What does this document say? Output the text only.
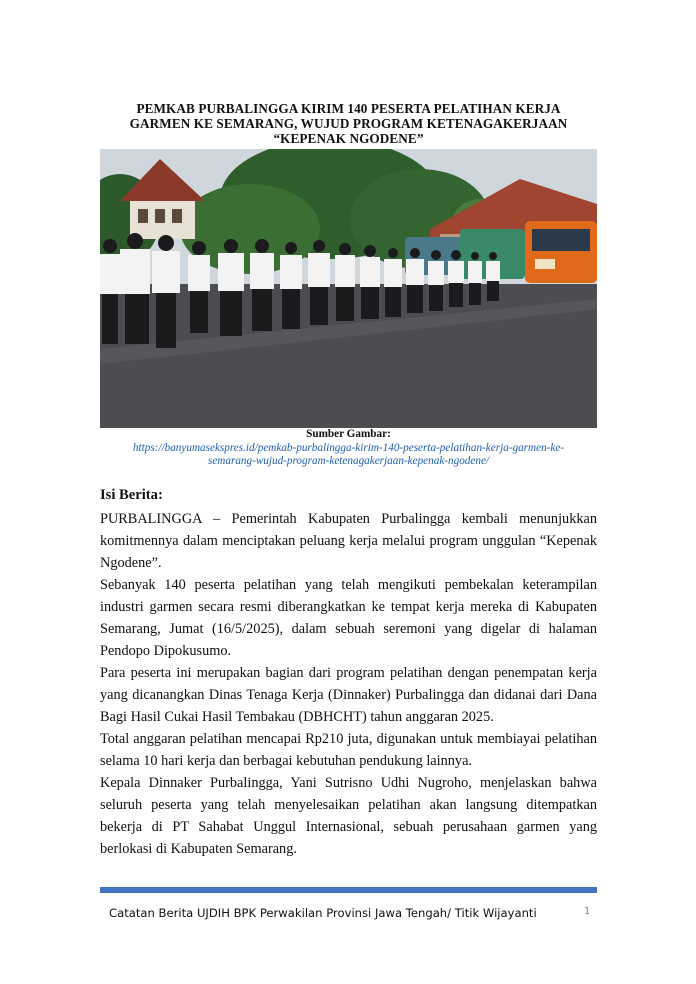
PEMKAB PURBALINGGA KIRIM 140 PESERTA PELATIHAN KERJA
GARMEN KE SEMARANG, WUJUD PROGRAM KETENAGAKERJAAN
“KEPENAK NGODENE”
Sumber Gambar:
https://banyumasekspres.id/pemkab-purbalingga-kirim-140-peserta-pelatihan-kerja-garmen-ke-
semarang-wujud-program-ketenagakerjaan-kepenak-ngodene/
Isi Berita:

PURBALINGGA – Pemerintah Kabupaten Purbalingga kembali menunjukkan komitmennya dalam menciptakan peluang kerja melalui program unggulan “Kepenak Ngodene”.

Sebanyak 140 peserta pelatihan yang telah mengikuti pembekalan keterampilan industri garmen secara resmi diberangkatkan ke tempat kerja mereka di Kabupaten Semarang, Jumat (16/5/2025), dalam sebuah seremoni yang digelar di halaman Pendopo Dipokusumo.

Para peserta ini merupakan bagian dari program pelatihan dengan penempatan kerja yang dicanangkan Dinas Tenaga Kerja (Dinnaker) Purbalingga dan didanai dari Dana Bagi Hasil Cukai Hasil Tembakau (DBHCHT) tahun anggaran 2025.

Total anggaran pelatihan mencapai Rp210 juta, digunakan untuk membiayai pelatihan selama 10 hari kerja dan berbagai kebutuhan pendukung lainnya.

Kepala Dinnaker Purbalingga, Yani Sutrisno Udhi Nugroho, menjelaskan bahwa seluruh peserta yang telah menyelesaikan pelatihan akan langsung ditempatkan bekerja di PT Sahabat Unggul Internasional, sebuah perusahaan garmen yang berlokasi di Kabupaten Semarang.

Catatan Berita UJDIH BPK Perwakilan Provinsi Jawa Tengah/ Titik Wijayanti	1
